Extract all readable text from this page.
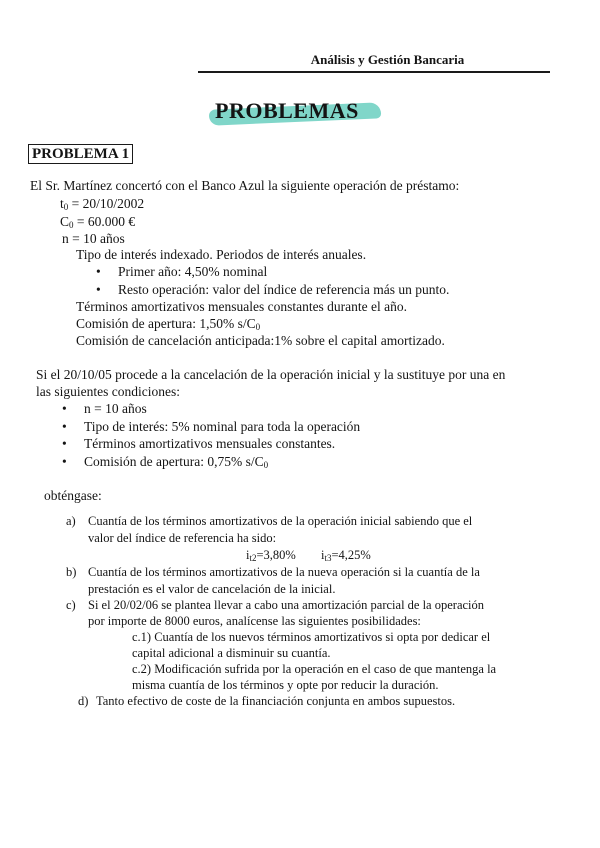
Análisis y Gestión Bancaria
PROBLEMAS
PROBLEMA 1
El Sr. Martínez concertó con el Banco Azul la siguiente operación de préstamo:
$t_0 = 20/10/2002$
$C_0 = 60.000$ €
n = 10 años
Tipo de interés indexado. Periodos de interés anuales.
• Primer año: 4,50% nominal
• Resto operación: valor del índice de referencia más un punto.
Términos amortizativos mensuales constantes durante el año.
Comisión de apertura: 1,50% $s/C_0$
Comisión de cancelación anticipada:1% sobre el capital amortizado.
Si el 20/10/05 procede a la cancelación de la operación inicial y la sustituye por una en
las siguientes condiciones:
• n = 10 años
• Tipo de interés: 5% nominal para toda la operación
• Términos amortizativos mensuales constantes.
• Comisión de apertura: 0,75% $s/C_0$
obténgase:
a) Cuantía de los términos amortizativos de la operación inicial sabiendo que el
valor del índice de referencia ha sido:
$i_{t2}=3,80\%$ $i_{t3}=4,25\%$
b) Cuantía de los términos amortizativos de la nueva operación si la cuantía de la
prestación es el valor de cancelación de la inicial.
c) Si el 20/02/06 se plantea llevar a cabo una amortización parcial de la operación
por importe de 8000 euros, analícense las siguientes posibilidades:
c.1) Cuantía de los nuevos términos amortizativos si opta por dedicar el
capital adicional a disminuir su cuantía.
c.2) Modificación sufrida por la operación en el caso de que mantenga la
misma cuantía de los términos y opte por reducir la duración.
d) Tanto efectivo de coste de la financiación conjunta en ambos supuestos.
